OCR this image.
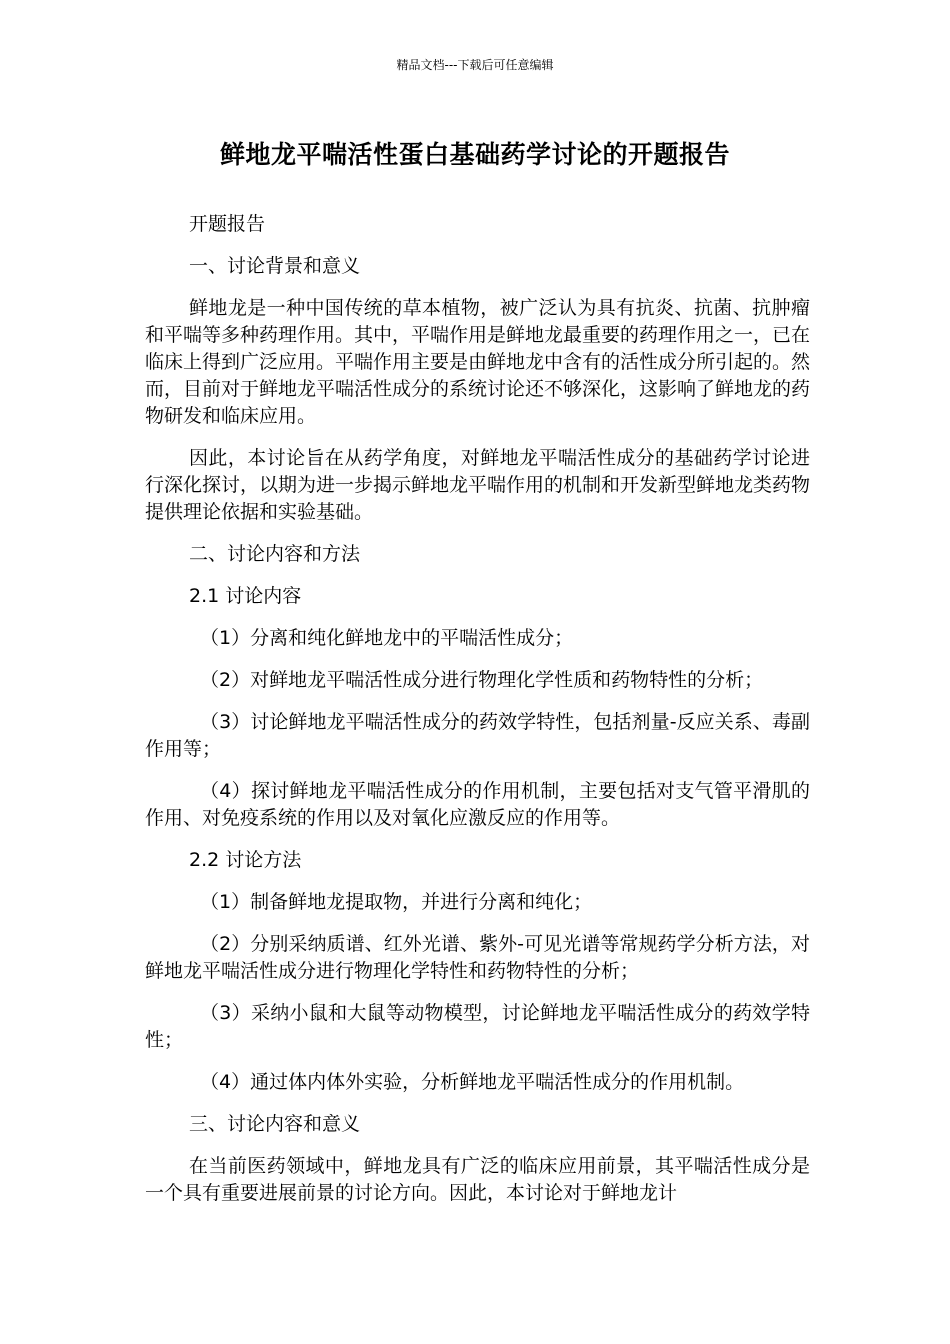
精品文档---下载后可任意编辑
鲜地龙平喘活性蛋白基础药学讨论的开题报告

开题报告

一、讨论背景和意义

鲜地龙是一种中国传统的草本植物，被广泛认为具有抗炎、抗菌、抗肿瘤和平喘等多种药理作用。其中，平喘作用是鲜地龙最重要的药理作用之一，已在临床上得到广泛应用。平喘作用主要是由鲜地龙中含有的活性成分所引起的。然而，目前对于鲜地龙平喘活性成分的系统讨论还不够深化，这影响了鲜地龙的药物研发和临床应用。

因此，本讨论旨在从药学角度，对鲜地龙平喘活性成分的基础药学讨论进行深化探讨，以期为进一步揭示鲜地龙平喘作用的机制和开发新型鲜地龙类药物提供理论依据和实验基础。

二、讨论内容和方法

2.1 讨论内容

（1）分离和纯化鲜地龙中的平喘活性成分；

（2）对鲜地龙平喘活性成分进行物理化学性质和药物特性的分析；

（3）讨论鲜地龙平喘活性成分的药效学特性，包括剂量-反应关系、毒副作用等；

（4）探讨鲜地龙平喘活性成分的作用机制，主要包括对支气管平滑肌的作用、对免疫系统的作用以及对氧化应激反应的作用等。

2.2 讨论方法

（1）制备鲜地龙提取物，并进行分离和纯化；

（2）分别采纳质谱、红外光谱、紫外-可见光谱等常规药学分析方法，对鲜地龙平喘活性成分进行物理化学特性和药物特性的分析；

（3）采纳小鼠和大鼠等动物模型，讨论鲜地龙平喘活性成分的药效学特性；

（4）通过体内体外实验，分析鲜地龙平喘活性成分的作用机制。

三、讨论内容和意义

在当前医药领域中，鲜地龙具有广泛的临床应用前景，其平喘活性成分是一个具有重要进展前景的讨论方向。因此，本讨论对于鲜地龙计
